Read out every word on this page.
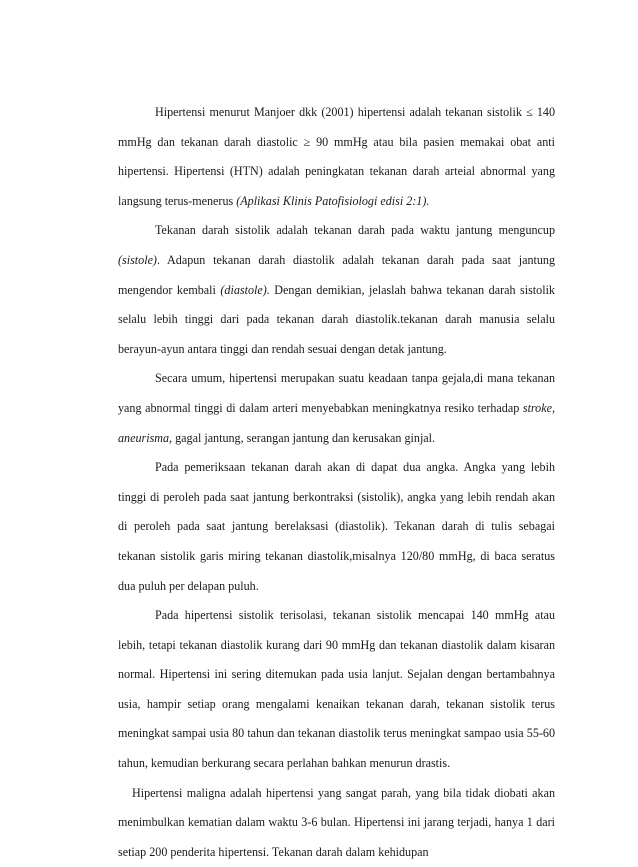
Hipertensi menurut Manjoer dkk (2001) hipertensi adalah tekanan sistolik ≤ 140 mmHg dan tekanan darah diastolic ≥ 90 mmHg atau bila pasien memakai obat anti hipertensi. Hipertensi (HTN) adalah peningkatan tekanan darah arteial abnormal yang langsung terus-menerus (Aplikasi Klinis Patofisiologi edisi 2:1).

Tekanan darah sistolik adalah tekanan darah pada waktu jantung menguncup (sistole). Adapun tekanan darah diastolik adalah tekanan darah pada saat jantung mengendor kembali (diastole). Dengan demikian, jelaslah bahwa tekanan darah sistolik selalu lebih tinggi dari pada tekanan darah diastolik.tekanan darah manusia selalu berayun-ayun antara tinggi dan rendah sesuai dengan detak jantung.

Secara umum, hipertensi merupakan suatu keadaan tanpa gejala,di mana tekanan yang abnormal tinggi di dalam arteri menyebabkan meningkatnya resiko terhadap stroke, aneurisma, gagal jantung, serangan jantung dan kerusakan ginjal.

Pada pemeriksaan tekanan darah akan di dapat dua angka. Angka yang lebih tinggi di peroleh pada saat jantung berkontraksi (sistolik), angka yang lebih rendah akan di peroleh pada saat jantung berelaksasi (diastolik). Tekanan darah di tulis sebagai tekanan sistolik garis miring tekanan diastolik,misalnya 120/80 mmHg, di baca seratus dua puluh per delapan puluh.

Pada hipertensi sistolik terisolasi, tekanan sistolik mencapai 140 mmHg atau lebih, tetapi tekanan diastolik kurang dari 90 mmHg dan tekanan diastolik dalam kisaran normal. Hipertensi ini sering ditemukan pada usia lanjut. Sejalan dengan bertambahnya usia, hampir setiap orang mengalami kenaikan tekanan darah, tekanan sistolik terus meningkat sampai usia 80 tahun dan tekanan diastolik terus meningkat sampao usia 55-60 tahun, kemudian berkurang secara perlahan bahkan menurun drastis.

Hipertensi maligna adalah hipertensi yang sangat parah, yang bila tidak diobati akan menimbulkan kematian dalam waktu 3-6 bulan. Hipertensi ini jarang terjadi, hanya 1 dari setiap 200 penderita hipertensi. Tekanan darah dalam kehidupan
